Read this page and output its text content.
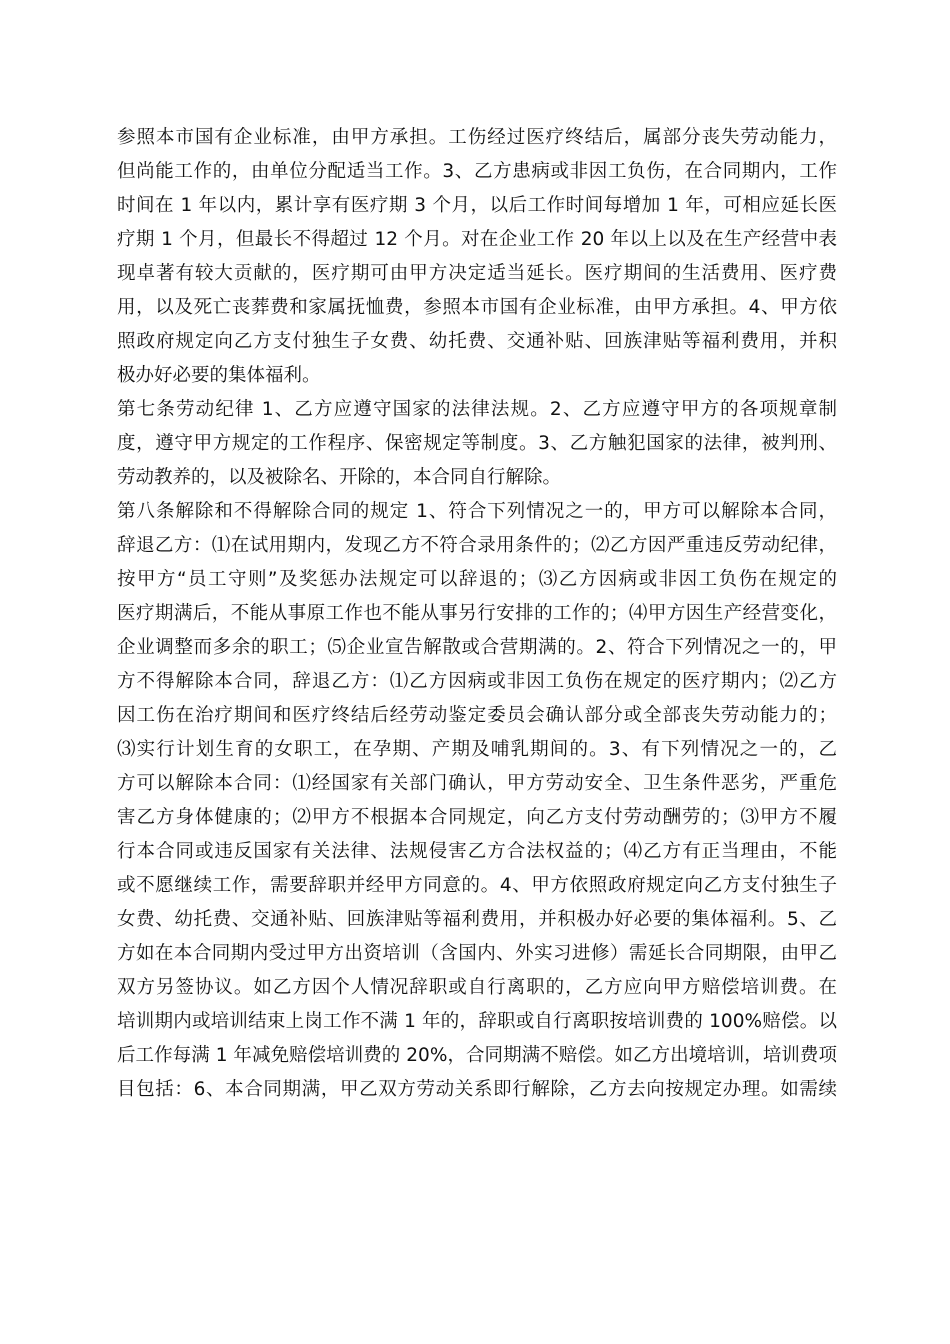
参照本市国有企业标准，由甲方承担。工伤经过医疗终结后，属部分丧失劳动能力，
但尚能工作的，由单位分配适当工作。3、乙方患病或非因工负伤，在合同期内，工作
时间在 1 年以内，累计享有医疗期 3 个月，以后工作时间每增加 1 年，可相应延长医
疗期 1 个月，但最长不得超过 12 个月。对在企业工作 20 年以上以及在生产经营中表
现卓著有较大贡献的，医疗期可由甲方决定适当延长。医疗期间的生活费用、医疗费
用，以及死亡丧葬费和家属抚恤费，参照本市国有企业标准，由甲方承担。4、甲方依
照政府规定向乙方支付独生子女费、幼托费、交通补贴、回族津贴等福利费用，并积
极办好必要的集体福利。
第七条劳动纪律 1、乙方应遵守国家的法律法规。2、乙方应遵守甲方的各项规章制
度，遵守甲方规定的工作程序、保密规定等制度。3、乙方触犯国家的法律，被判刑、
劳动教养的，以及被除名、开除的，本合同自行解除。
第八条解除和不得解除合同的规定 1、符合下列情况之一的，甲方可以解除本合同，
辞退乙方：⑴在试用期内，发现乙方不符合录用条件的；⑵乙方因严重违反劳动纪律，
按甲方“员工守则”及奖惩办法规定可以辞退的；⑶乙方因病或非因工负伤在规定的
医疗期满后，不能从事原工作也不能从事另行安排的工作的；⑷甲方因生产经营变化，
企业调整而多余的职工；⑸企业宣告解散或合营期满的。2、符合下列情况之一的，甲
方不得解除本合同，辞退乙方：⑴乙方因病或非因工负伤在规定的医疗期内；⑵乙方
因工伤在治疗期间和医疗终结后经劳动鉴定委员会确认部分或全部丧失劳动能力的；
⑶实行计划生育的女职工，在孕期、产期及哺乳期间的。3、有下列情况之一的，乙
方可以解除本合同：⑴经国家有关部门确认，甲方劳动安全、卫生条件恶劣，严重危
害乙方身体健康的；⑵甲方不根据本合同规定，向乙方支付劳动酬劳的；⑶甲方不履
行本合同或违反国家有关法律、法规侵害乙方合法权益的；⑷乙方有正当理由，不能
或不愿继续工作，需要辞职并经甲方同意的。4、甲方依照政府规定向乙方支付独生子
女费、幼托费、交通补贴、回族津贴等福利费用，并积极办好必要的集体福利。5、乙
方如在本合同期内受过甲方出资培训（含国内、外实习进修）需延长合同期限，由甲乙
双方另签协议。如乙方因个人情况辞职或自行离职的，乙方应向甲方赔偿培训费。在
培训期内或培训结束上岗工作不满 1 年的，辞职或自行离职按培训费的 100%赔偿。以
后工作每满 1 年减免赔偿培训费的 20%，合同期满不赔偿。如乙方出境培训，培训费项
目包括：6、本合同期满，甲乙双方劳动关系即行解除，乙方去向按规定办理。如需续
